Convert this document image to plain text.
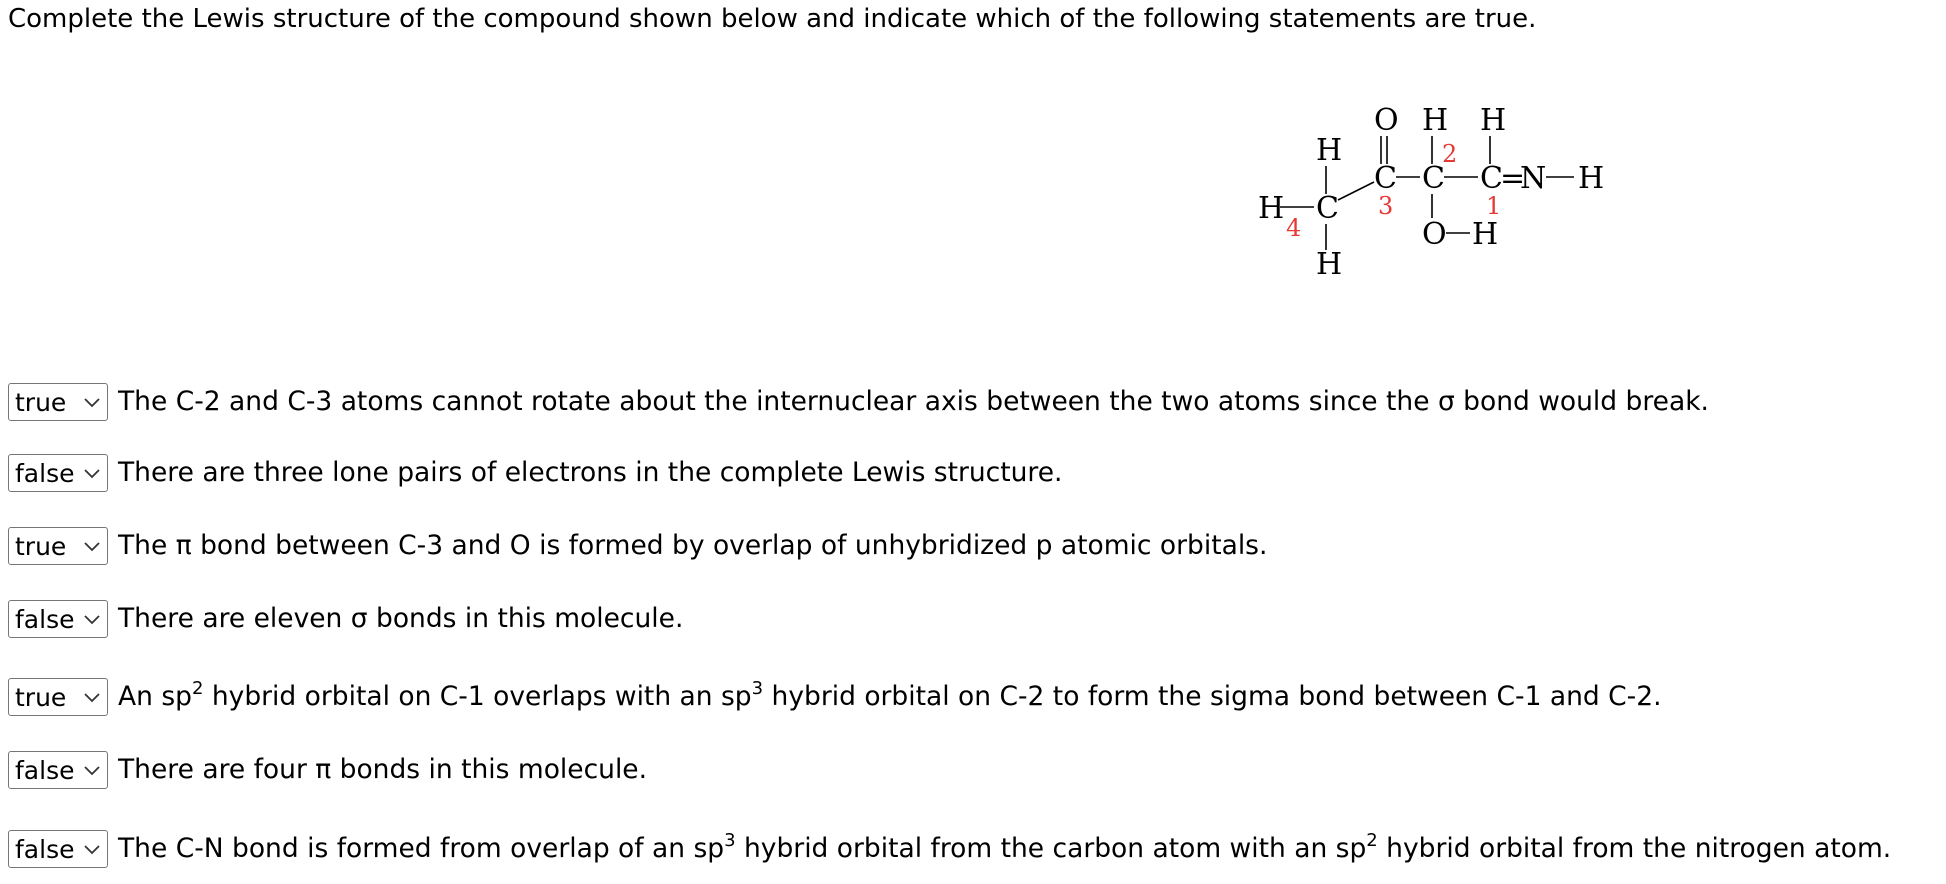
Complete the Lewis structure of the compound shown below and indicate which of the following statements are true.
O H H
H
C C C
=
N H
H C
O H
H
2
3	1
4
true The C-2 and C-3 atoms cannot rotate about the internuclear axis between the two atoms since the σ bond would break.
false There are three lone pairs of electrons in the complete Lewis structure.
true The π bond between C-3 and O is formed by overlap of unhybridized p atomic orbitals.
false There are eleven σ bonds in this molecule.
true An $sp^2$ hybrid orbital on C-1 overlaps with an $sp^3$ hybrid orbital on C-2 to form the sigma bond between C-1 and C-2.
false There are four π bonds in this molecule.
false The C-N bond is formed from overlap of an $sp^3$ hybrid orbital from the carbon atom with an $sp^2$ hybrid orbital from the nitrogen atom.
